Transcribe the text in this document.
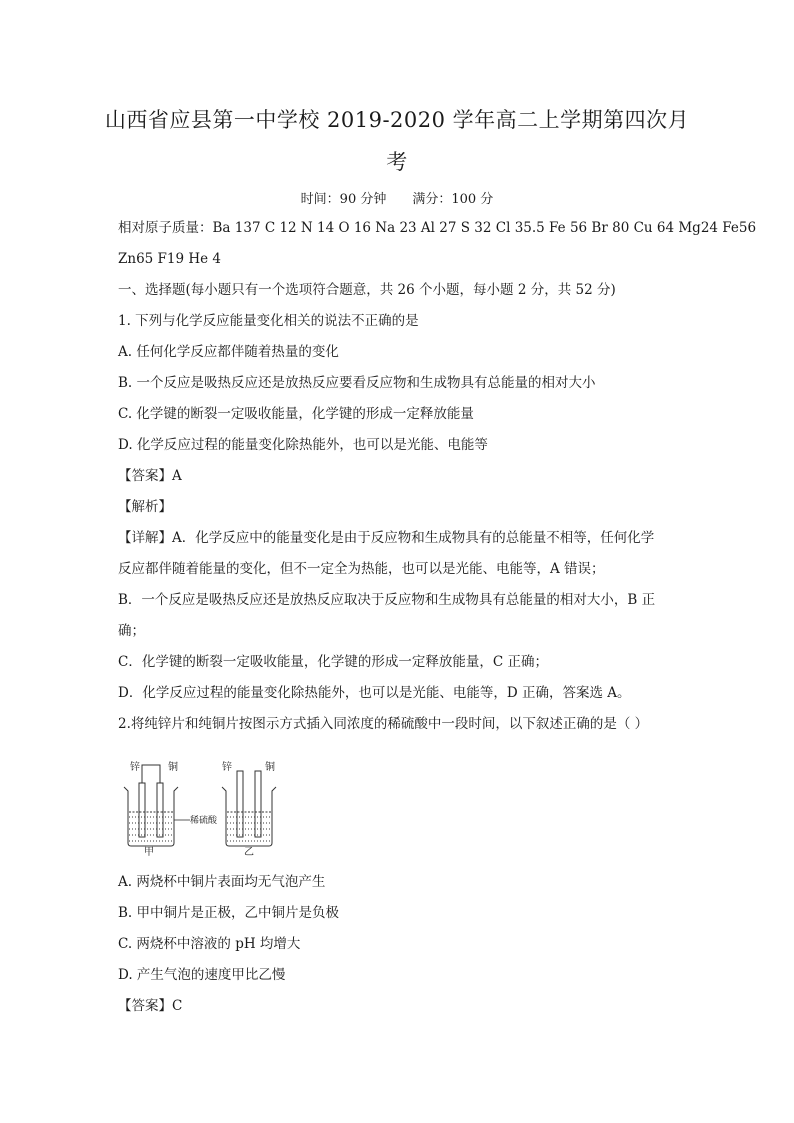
山西省应县第一中学校 2019-2020 学年高二上学期第四次月
考
时间：90 分钟 满分：100 分
相对原子质量：Ba 137 C 12 N 14 O 16 Na 23 Al 27 S 32 Cl 35.5 Fe 56 Br 80 Cu 64 Mg24 Fe56
Zn65 F19 He 4
一、选择题(每小题只有一个选项符合题意，共 26 个小题，每小题 2 分，共 52 分)
1. 下列与化学反应能量变化相关的说法不正确的是
A. 任何化学反应都伴随着热量的变化
B. 一个反应是吸热反应还是放热反应要看反应物和生成物具有总能量的相对大小
C. 化学键的断裂一定吸收能量，化学键的形成一定释放能量
D. 化学反应过程的能量变化除热能外，也可以是光能、电能等
【答案】A
【解析】
【详解】A．化学反应中的能量变化是由于反应物和生成物具有的总能量不相等，任何化学
反应都伴随着能量的变化，但不一定全为热能，也可以是光能、电能等，A 错误；
B．一个反应是吸热反应还是放热反应取决于反应物和生成物具有总能量的相对大小，B 正
确；
C．化学键的断裂一定吸收能量，化学键的形成一定释放能量，C 正确；
D．化学反应过程的能量变化除热能外，也可以是光能、电能等，D 正确，答案选 A。
2.将纯锌片和纯铜片按图示方式插入同浓度的稀硫酸中一段时间，以下叙述正确的是（ ）
锌	铜
甲
稀硫酸
锌	铜
乙
A. 两烧杯中铜片表面均无气泡产生
B. 甲中铜片是正极，乙中铜片是负极
C. 两烧杯中溶液的 pH 均增大
D. 产生气泡的速度甲比乙慢
【答案】C
